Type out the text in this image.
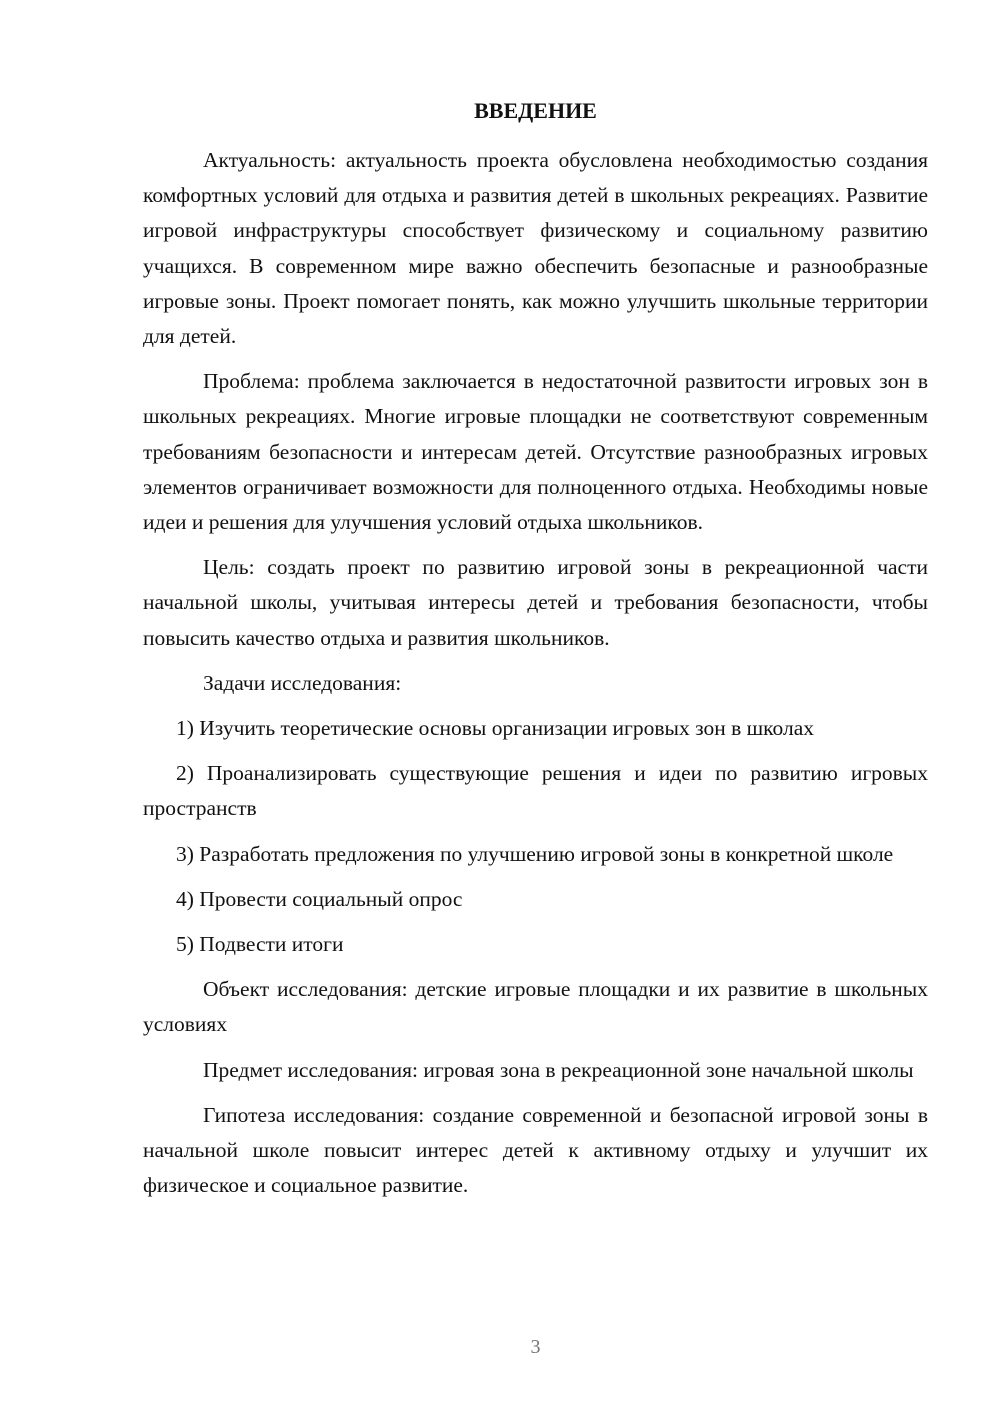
ВВЕДЕНИЕ

Актуальность: актуальность проекта обусловлена необходимостью создания комфортных условий для отдыха и развития детей в школьных рекреациях. Развитие игровой инфраструктуры способствует физическому и социальному развитию учащихся. В современном мире важно обеспечить безопасные и разнообразные игровые зоны. Проект помогает понять, как можно улучшить школьные территории для детей.

Проблема: проблема заключается в недостаточной развитости игровых зон в школьных рекреациях. Многие игровые площадки не соответствуют современным требованиям безопасности и интересам детей. Отсутствие разнообразных игровых элементов ограничивает возможности для полноценного отдыха. Необходимы новые идеи и решения для улучшения условий отдыха школьников.

Цель: создать проект по развитию игровой зоны в рекреационной части начальной школы, учитывая интересы детей и требования безопасности, чтобы повысить качество отдыха и развития школьников.

Задачи исследования:

1) Изучить теоретические основы организации игровых зон в школах

2) Проанализировать существующие решения и идеи по развитию игровых пространств

3) Разработать предложения по улучшению игровой зоны в конкретной школе

4) Провести социальный опрос

5) Подвести итоги

Объект исследования: детские игровые площадки и их развитие в школьных условиях

Предмет исследования: игровая зона в рекреационной зоне начальной школы

Гипотеза исследования: создание современной и безопасной игровой зоны в начальной школе повысит интерес детей к активному отдыху и улучшит их физическое и социальное развитие.

3
